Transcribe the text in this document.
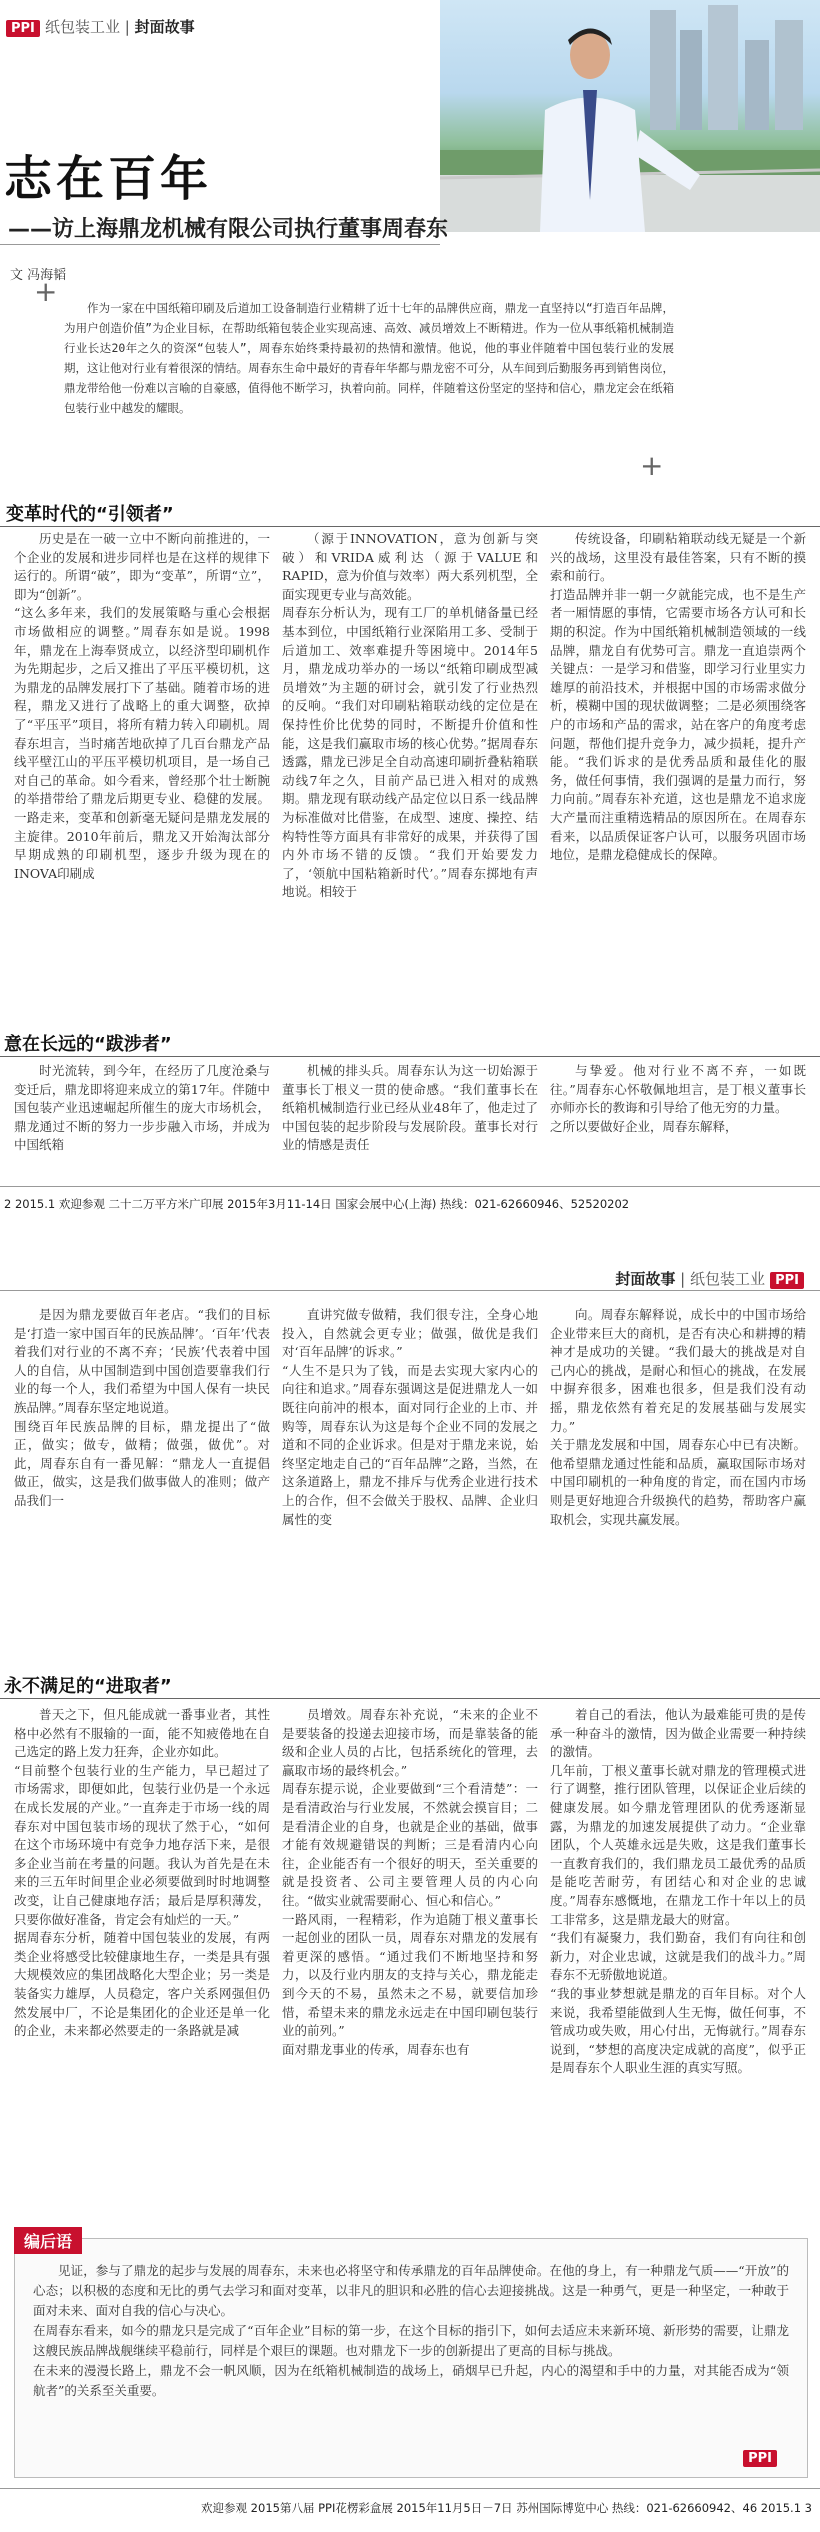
PPI 纸包装工业 | 封面故事
志在百年
——访上海鼎龙机械有限公司执行董事周春东
文 冯海韬
+	作为一家在中国纸箱印刷及后道加工设备制造行业精耕了近十七年的品牌供应商，鼎龙一直坚持以“打造百年品牌，为用户创造价值”为企业目标，在帮助纸箱包装企业实现高速、高效、减员增效上不断精进。作为一位从事纸箱机械制造行业长达20年之久的资深“包装人”，周春东始终秉持最初的热情和激情。他说，他的事业伴随着中国包装行业的发展期，这让他对行业有着很深的情结。周春东生命中最好的青春年华都与鼎龙密不可分，从车间到后勤服务再到销售岗位，鼎龙带给他一份难以言喻的自豪感，值得他不断学习，执着向前。同样，伴随着这份坚定的坚持和信心，鼎龙定会在纸箱包装行业中越发的耀眼。
+
变革时代的“引领者”

历史是在一破一立中不断向前推进的，一个企业的发展和进步同样也是在这样的规律下运行的。所谓“破”，即为“变革”，所谓“立”，即为“创新”。
“这么多年来，我们的发展策略与重心会根据市场做相应的调整。”周春东如是说。1998年，鼎龙在上海奉贤成立，以经济型印刷机作为先期起步，之后又推出了平压平模切机，这为鼎龙的品牌发展打下了基础。随着市场的进程，鼎龙又进行了战略上的重大调整，砍掉了“平压平”项目，将所有精力转入印刷机。周春东坦言，当时痛苦地砍掉了几百台鼎龙产品线平壁江山的平压平模切机项目，是一场自己对自己的革命。如今看来，曾经那个壮士断腕的举措带给了鼎龙后期更专业、稳健的发展。一路走来，变革和创新毫无疑问是鼎龙发展的主旋律。2010年前后，鼎龙又开始淘汰部分早期成熟的印刷机型，逐步升级为现在的INOVA印刷成

（源于INNOVATION，意为创新与突破）和VRIDA威利达（源于VALUE和RAPID，意为价值与效率）两大系列机型，全面实现更专业与高效能。
周春东分析认为，现有工厂的单机储备量已经基本到位，中国纸箱行业深陷用工多、受制于后道加工、效率难提升等困境中。2014年5月，鼎龙成功举办的一场以“纸箱印刷成型减员增效”为主题的研讨会，就引发了行业热烈的反响。“我们对印刷粘箱联动线的定位是在保持性价比优势的同时，不断提升价值和性能，这是我们赢取市场的核心优势。”据周春东透露，鼎龙已涉足全自动高速印刷折叠粘箱联动线7年之久，目前产品已进入相对的成熟期。鼎龙现有联动线产品定位以日系一线品牌为标准做对比借鉴，在成型、速度、操控、结构特性等方面具有非常好的成果，并获得了国内外市场不错的反馈。“我们开始要发力了，‘领航中国粘箱新时代’。”周春东掷地有声地说。相较于

传统设备，印刷粘箱联动线无疑是一个新兴的战场，这里没有最佳答案，只有不断的摸索和前行。
打造品牌并非一朝一夕就能完成，也不是生产者一厢情愿的事情，它需要市场各方认可和长期的积淀。作为中国纸箱机械制造领域的一线品牌，鼎龙自有优势可言。鼎龙一直追崇两个关键点：一是学习和借鉴，即学习行业里实力雄厚的前沿技术，并根据中国的市场需求做分析，模糊中国的现状做调整；二是必须围绕客户的市场和产品的需求，站在客户的角度考虑问题，帮他们提升竞争力，减少损耗，提升产能。“我们诉求的是优秀品质和最佳化的服务，做任何事情，我们强调的是量力而行，努力向前。”周春东补充道，这也是鼎龙不追求庞大产量而注重精选精品的原因所在。在周春东看来，以品质保证客户认可，以服务巩固市场地位，是鼎龙稳健成长的保障。

意在长远的“跋涉者”

时光流转，到今年，在经历了几度沧桑与变迁后，鼎龙即将迎来成立的第17年。伴随中国包装产业迅速崛起所催生的庞大市场机会，鼎龙通过不断的努力一步步融入市场，并成为中国纸箱

机械的排头兵。周春东认为这一切始源于董事长丁根义一贯的使命感。“我们董事长在纸箱机械制造行业已经从业48年了，他走过了中国包装的起步阶段与发展阶段。董事长对行业的情感是责任

与挚爱。他对行业不离不弃，一如既往。”周春东心怀敬佩地坦言，是丁根义董事长亦师亦长的教诲和引导给了他无穷的力量。
之所以要做好企业，周春东解释，

2 2015.1 欢迎参观 二十二万平方米广印展 2015年3月11-14日 国家会展中心(上海) 热线：021-62660946、52520202
封面故事 | 纸包装工业 PPI

是因为鼎龙要做百年老店。“我们的目标是‘打造一家中国百年的民族品牌’。‘百年’代表着我们对行业的不离不弃；‘民族’代表着中国人的自信，从中国制造到中国创造要靠我们行业的每一个人，我们希望为中国人保有一块民族品牌。”周春东坚定地说道。
围绕百年民族品牌的目标，鼎龙提出了“做正，做实；做专，做精；做强，做优”。对此，周春东自有一番见解：“鼎龙人一直提倡做正，做实，这是我们做事做人的准则；做产品我们一

直讲究做专做精，我们很专注，全身心地投入，自然就会更专业；做强，做优是我们对‘百年品牌’的诉求。”
“人生不是只为了钱，而是去实现大家内心的向往和追求。”周春东强调这是促进鼎龙人一如既往向前冲的根本，面对同行企业的上市、并购等，周春东认为这是每个企业不同的发展之道和不同的企业诉求。但是对于鼎龙来说，始终坚定地走自己的“百年品牌”之路，当然，在这条道路上，鼎龙不排斥与优秀企业进行技术上的合作，但不会做关于股权、品牌、企业归属性的变

向。周春东解释说，成长中的中国市场给企业带来巨大的商机，是否有决心和耕搏的精神才是成功的关键。“我们最大的挑战是对自己内心的挑战，是耐心和恒心的挑战，在发展中摒弃很多，困难也很多，但是我们没有动摇，鼎龙依然有着充足的发展基础与发展实力。”
关于鼎龙发展和中国，周春东心中已有决断。他希望鼎龙通过性能和品质，赢取国际市场对中国印刷机的一种角度的肯定，而在国内市场则是更好地迎合升级换代的趋势，帮助客户赢取机会，实现共赢发展。

永不满足的“进取者”

普天之下，但凡能成就一番事业者，其性格中必然有不服输的一面，能不知疲倦地在自己选定的路上发力狂奔，企业亦如此。
“目前整个包装行业的生产能力，早已超过了市场需求，即便如此，包装行业仍是一个永远在成长发展的产业。”一直奔走于市场一线的周春东对中国包装市场的现状了然于心，“如何在这个市场环境中有竞争力地存活下来，是很多企业当前在考量的问题。我认为首先是在未来的三五年时间里企业必须要做到时时地调整改变，让自己健康地存活；最后是厚积薄发，只要你做好准备，肯定会有灿烂的一天。”
据周春东分析，随着中国包装业的发展，有两类企业将感受比较健康地生存，一类是具有强大规模效应的集团战略化大型企业；另一类是装备实力雄厚，人员稳定，客户关系网强但仍然发展中厂，不论是集团化的企业还是单一化的企业，未来都必然要走的一条路就是减

员增效。周春东补充说，“未来的企业不是要装备的投递去迎接市场，而是靠装备的能级和企业人员的占比，包括系统化的管理，去赢取市场的最终机会。”
周春东提示说，企业要做到“三个看清楚”：一是看清政治与行业发展，不然就会摸盲目；二是看清企业的自身，也就是企业的基础，做事才能有效规避错误的判断；三是看清内心向往，企业能否有一个很好的明天，至关重要的就是投资者、公司主要管理人员的内心向往。“做实业就需要耐心、恒心和信心。”
一路风雨，一程精彩，作为追随丁根义董事长一起创业的团队一员，周春东对鼎龙的发展有着更深的感悟。“通过我们不断地坚持和努力，以及行业内朋友的支持与关心，鼎龙能走到今天的不易，虽然未之不易，就要信加珍惜，希望未来的鼎龙永远走在中国印刷包装行业的前列。”
面对鼎龙事业的传承，周春东也有

着自己的看法，他认为最难能可贵的是传承一种奋斗的激情，因为做企业需要一种持续的激情。
几年前，丁根义董事长就对鼎龙的管理模式进行了调整，推行团队管理，以保证企业后续的健康发展。如今鼎龙管理团队的优秀逐渐显露，为鼎龙的加速发展提供了动力。“企业靠团队，个人英雄永远是失败，这是我们董事长一直教育我们的，我们鼎龙员工最优秀的品质是能吃苦耐劳，有团结心和对企业的忠诚度。”周春东感慨地，在鼎龙工作十年以上的员工非常多，这是鼎龙最大的财富。
“我们有凝聚力，我们勤奋，我们有向往和创新力，对企业忠诚，这就是我们的战斗力。”周春东不无骄傲地说道。
“我的事业梦想就是鼎龙的百年目标。对个人来说，我希望能做到人生无悔，做任何事，不管成功或失败，用心付出，无悔就行。”周春东说到，“梦想的高度决定成就的高度”，似乎正是周春东个人职业生涯的真实写照。

编后语

见证，参与了鼎龙的起步与发展的周春东，未来也必将坚守和传承鼎龙的百年品牌使命。在他的身上，有一种鼎龙气质——“开放”的心态；以积极的态度和无比的勇气去学习和面对变革，以非凡的胆识和必胜的信心去迎接挑战。这是一种勇气，更是一种坚定，一种敢于面对未来、面对自我的信心与决心。
在周春东看来，如今的鼎龙只是完成了“百年企业”目标的第一步，在这个目标的指引下，如何去适应未来新环境、新形势的需要，让鼎龙这艘民族品牌战舰继续平稳前行，同样是个艰巨的课题。也对鼎龙下一步的创新提出了更高的目标与挑战。
在未来的漫漫长路上，鼎龙不会一帆风顺，因为在纸箱机械制造的战场上，硝烟早已升起，内心的渴望和手中的力量，对其能否成为“领航者”的关系至关重要。

PPI
欢迎参观 2015第八届 PPI花楞彩盒展 2015年11月5日－7日 苏州国际博览中心 热线：021-62660942、46 2015.1 3
